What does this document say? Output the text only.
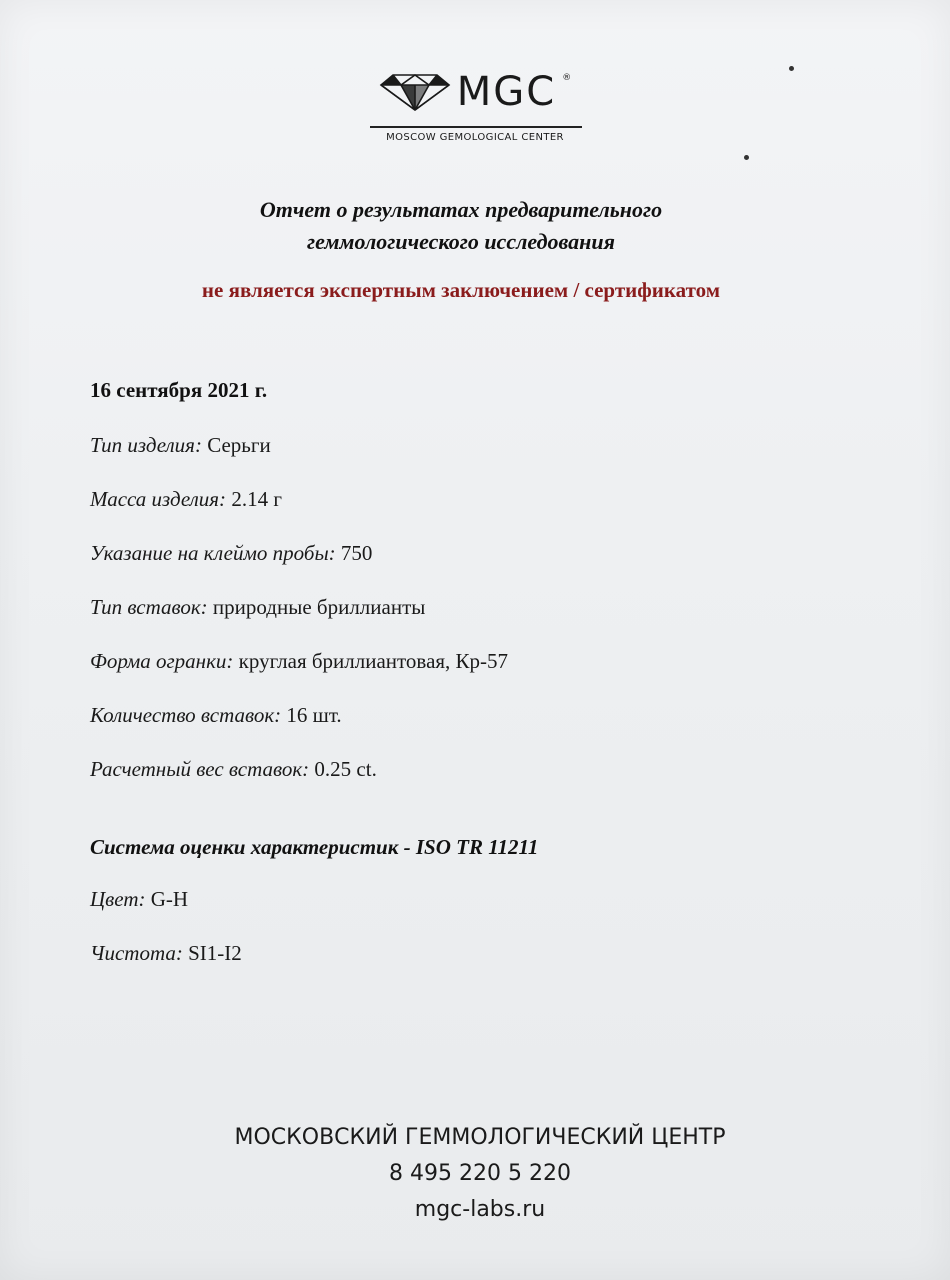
MGC ®
MOSCOW GEMOLOGICAL CENTER
Отчет о результатах предварительного
геммологического исследования
не является экспертным заключением / сертификатом
16 сентября 2021 г.
Тип изделия: Серьги
Масса изделия: 2.14 г
Указание на клеймо пробы: 750
Тип вставок: природные бриллианты
Форма огранки: круглая бриллиантовая, Кр-57
Количество вставок: 16 шт.
Расчетный вес вставок: 0.25 ct.
Система оценки характеристик - ISO TR 11211
Цвет: G-H
Чистота: SI1-I2
МОСКОВСКИЙ ГЕММОЛОГИЧЕСКИЙ ЦЕНТР
8 495 220 5 220
mgc-labs.ru
